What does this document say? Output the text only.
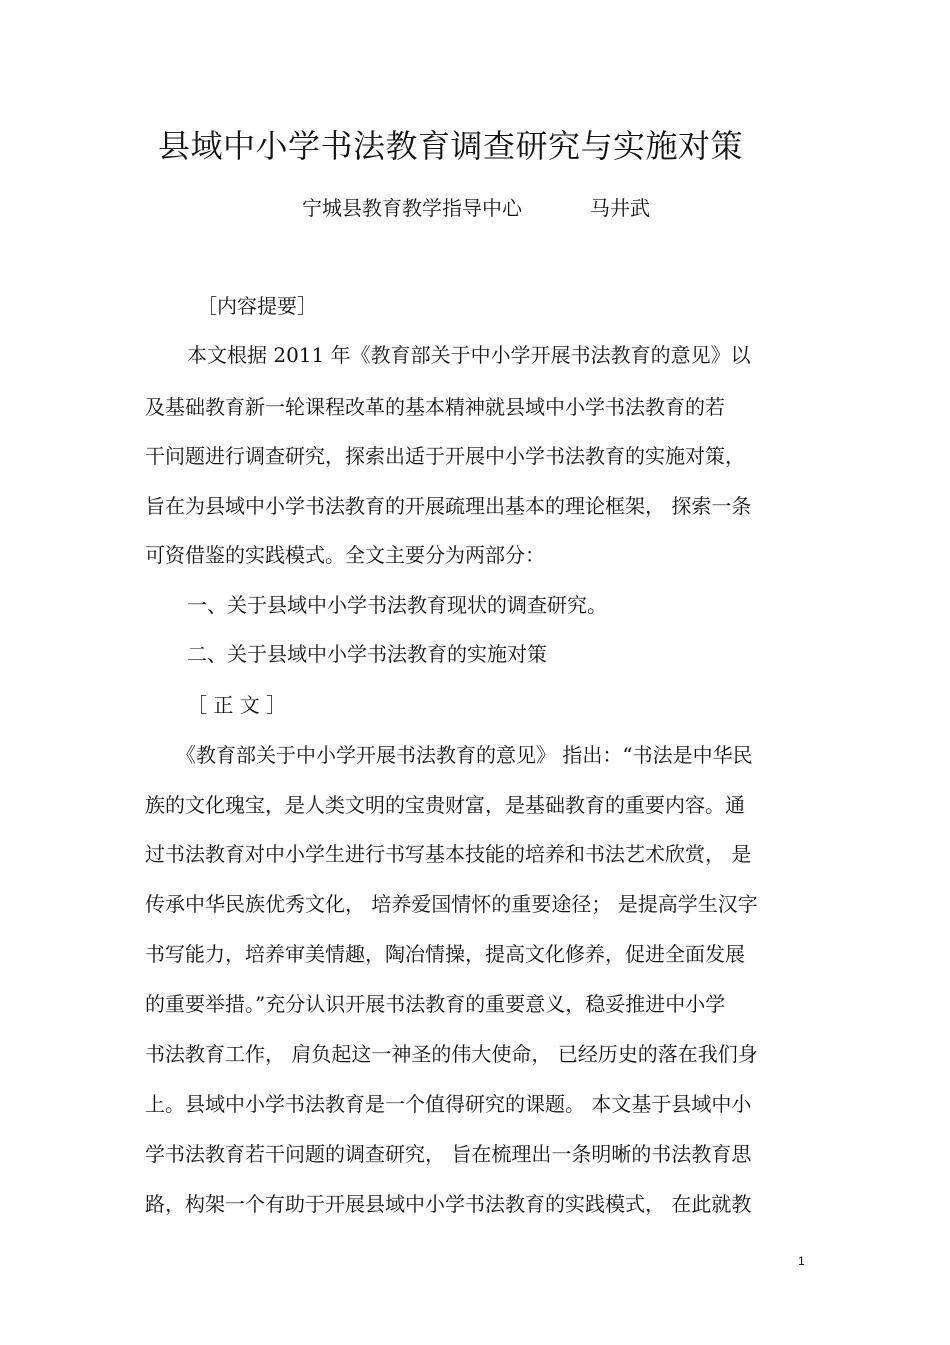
县域中小学书法教育调查研究与实施对策
宁城县教育教学指导中心	马井武
［内容提要］
本文根据 2011 年《教育部关于中小学开展书法教育的意见》以
及基础教育新一轮课程改革的基本精神就县域中小学书法教育的若
干问题进行调查研究，探索出适于开展中小学书法教育的实施对策，
旨在为县域中小学书法教育的开展疏理出基本的理论框架， 探索一条
可资借鉴的实践模式。全文主要分为两部分：
一、关于县域中小学书法教育现状的调查研究。
二、关于县域中小学书法教育的实施对策
［ 正 文 ］
《教育部关于中小学开展书法教育的意见》 指出：“书法是中华民
族的文化瑰宝，是人类文明的宝贵财富，是基础教育的重要内容。通
过书法教育对中小学生进行书写基本技能的培养和书法艺术欣赏， 是
传承中华民族优秀文化， 培养爱国情怀的重要途径； 是提高学生汉字
书写能力，培养审美情趣，陶冶情操，提高文化修养，促进全面发展
的重要举措。”充分认识开展书法教育的重要意义，稳妥推进中小学
书法教育工作， 肩负起这一神圣的伟大使命， 已经历史的落在我们身
上。县域中小学书法教育是一个值得研究的课题。 本文基于县域中小
学书法教育若干问题的调查研究， 旨在梳理出一条明晰的书法教育思
路，构架一个有助于开展县域中小学书法教育的实践模式， 在此就教
1
